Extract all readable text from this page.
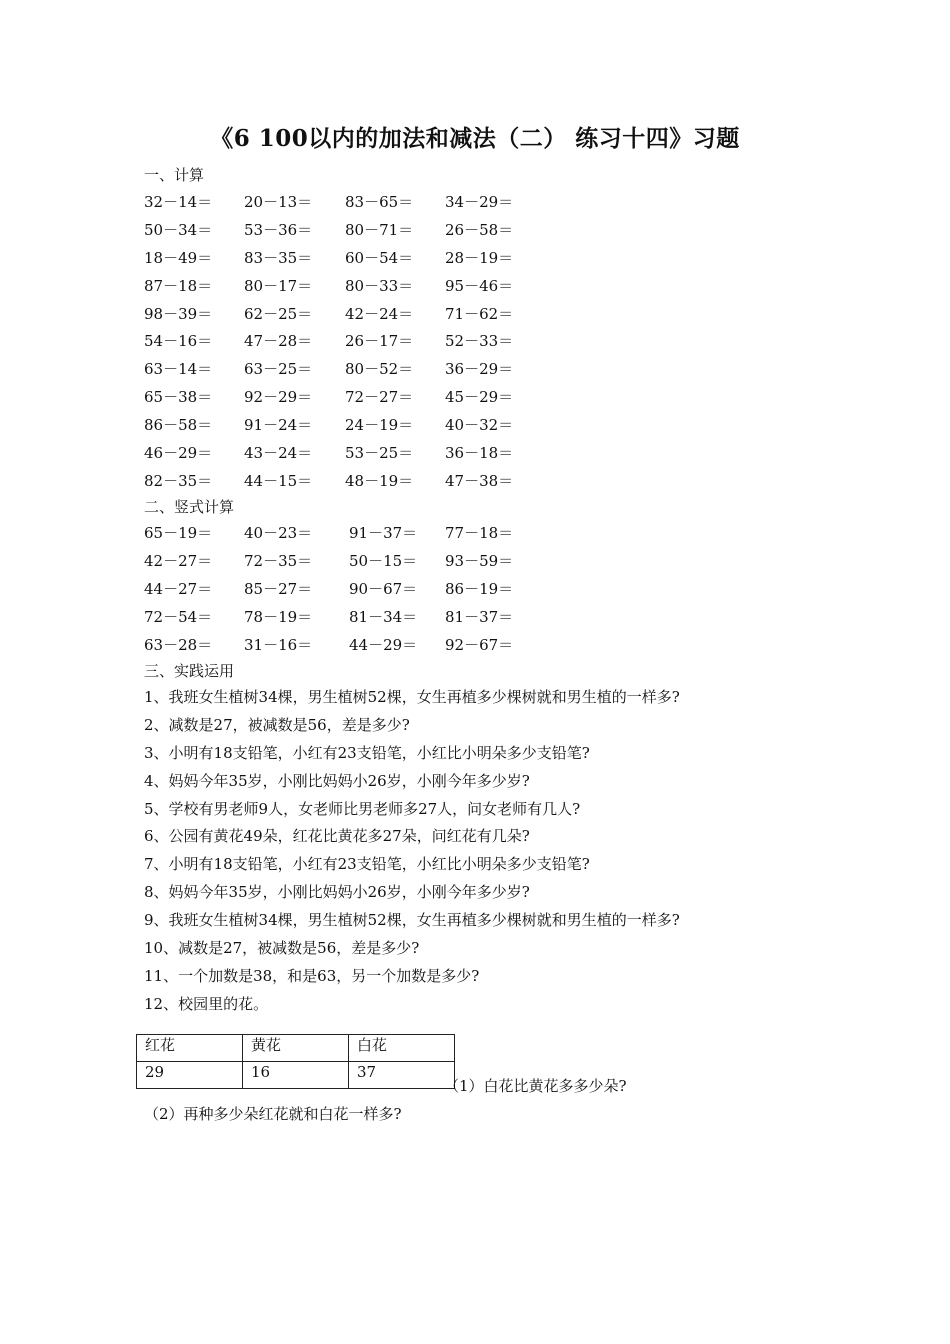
《6 100以内的加法和减法（二） 练习十四》习题
一、计算
32－14＝ 20－13＝ 83－65＝ 34－29＝
50－34＝ 53－36＝ 80－71＝ 26－58＝
18－49＝ 83－35＝ 60－54＝ 28－19＝
87－18＝ 80－17＝ 80－33＝ 95－46＝
98－39＝ 62－25＝ 42－24＝ 71－62＝
54－16＝ 47－28＝ 26－17＝ 52－33＝
63－14＝ 63－25＝ 80－52＝ 36－29＝
65－38＝ 92－29＝ 72－27＝ 45－29＝
86－58＝ 91－24＝ 24－19＝ 40－32＝
46－29＝ 43－24＝ 53－25＝ 36－18＝
82－35＝ 44－15＝ 48－19＝ 47－38＝
二、竖式计算
65－19＝ 40－23＝ 91－37＝ 77－18＝
42－27＝ 72－35＝ 50－15＝ 93－59＝
44－27＝ 85－27＝ 90－67＝ 86－19＝
72－54＝ 78－19＝ 81－34＝ 81－37＝
63－28＝ 31－16＝ 44－29＝ 92－67＝
三、实践运用
1、我班女生植树34棵，男生植树52棵，女生再植多少棵树就和男生植的一样多?
2、减数是27，被减数是56，差是多少?
3、小明有18支铅笔，小红有23支铅笔，小红比小明朵多少支铅笔?
4、妈妈今年35岁，小刚比妈妈小26岁，小刚今年多少岁?
5、学校有男老师9人，女老师比男老师多27人，问女老师有几人?
6、公园有黄花49朵，红花比黄花多27朵，问红花有几朵?
7、小明有18支铅笔，小红有23支铅笔，小红比小明朵多少支铅笔?
8、妈妈今年35岁，小刚比妈妈小26岁，小刚今年多少岁?
9、我班女生植树34棵，男生植树52棵，女生再植多少棵树就和男生植的一样多?
10、减数是27，被减数是56，差是多少?
11、一个加数是38，和是63，另一个加数是多少?
12、校园里的花。
红花	黄花	白花
29	16	37
（1）白花比黄花多多少朵?
（2）再种多少朵红花就和白花一样多?
